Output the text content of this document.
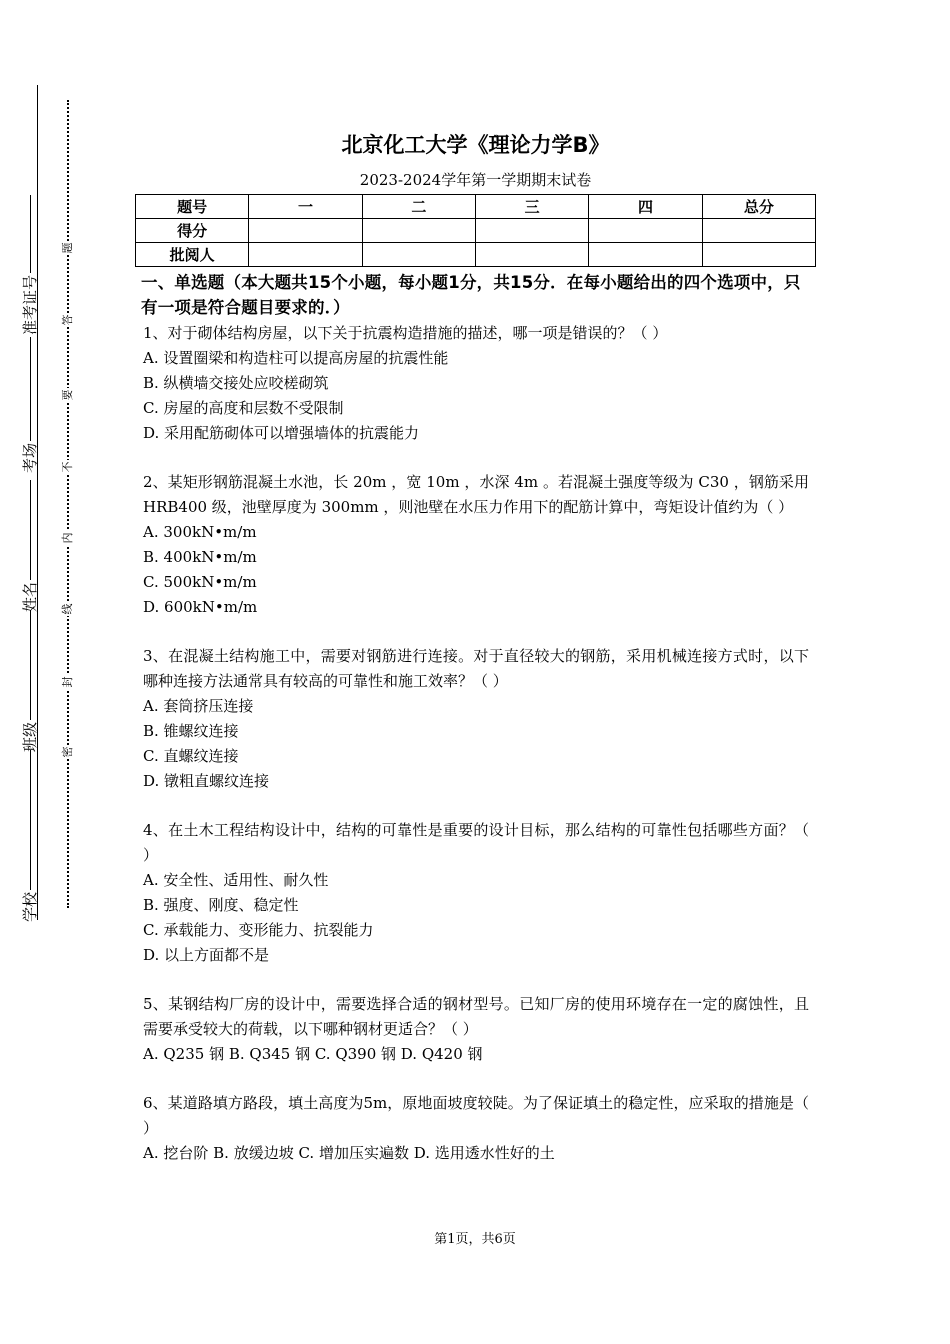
准考证号
考场
姓名
班级
学校
题
答
要
不
内
线
封
密
北京化工大学《理论力学B》
2023-2024学年第一学期期末试卷
题号	一	二	三	四	总分
得分					
批阅人					
一、单选题（本大题共15个小题，每小题1分，共15分．在每小题给出的四个选项中，只有一项是符合题目要求的．）

1、对于砌体结构房屋，以下关于抗震构造措施的描述，哪一项是错误的？（ ）

A. 设置圈梁和构造柱可以提高房屋的抗震性能

B. 纵横墙交接处应咬槎砌筑

C. 房屋的高度和层数不受限制

D. 采用配筋砌体可以增强墙体的抗震能力

2、某矩形钢筋混凝土水池，长 20m ，宽 10m ，水深 4m 。若混凝土强度等级为 C30 ，钢筋采用 HRB400 级，池壁厚度为 300mm ，则池壁在水压力作用下的配筋计算中，弯矩设计值约为（ ）

A. 300kN•m/m

B. 400kN•m/m

C. 500kN•m/m

D. 600kN•m/m

3、在混凝土结构施工中，需要对钢筋进行连接。对于直径较大的钢筋，采用机械连接方式时，以下哪种连接方法通常具有较高的可靠性和施工效率？（ ）

A. 套筒挤压连接

B. 锥螺纹连接

C. 直螺纹连接

D. 镦粗直螺纹连接

4、在土木工程结构设计中，结构的可靠性是重要的设计目标，那么结构的可靠性包括哪些方面？（ ）

A. 安全性、适用性、耐久性

B. 强度、刚度、稳定性

C. 承载能力、变形能力、抗裂能力

D. 以上方面都不是

5、某钢结构厂房的设计中，需要选择合适的钢材型号。已知厂房的使用环境存在一定的腐蚀性，且需要承受较大的荷载，以下哪种钢材更适合？（ ）

A. Q235 钢 B. Q345 钢 C. Q390 钢 D. Q420 钢

6、某道路填方路段，填土高度为5m，原地面坡度较陡。为了保证填土的稳定性，应采取的措施是（ ）

A. 挖台阶 B. 放缓边坡 C. 增加压实遍数 D. 选用透水性好的土

第1页，共6页
